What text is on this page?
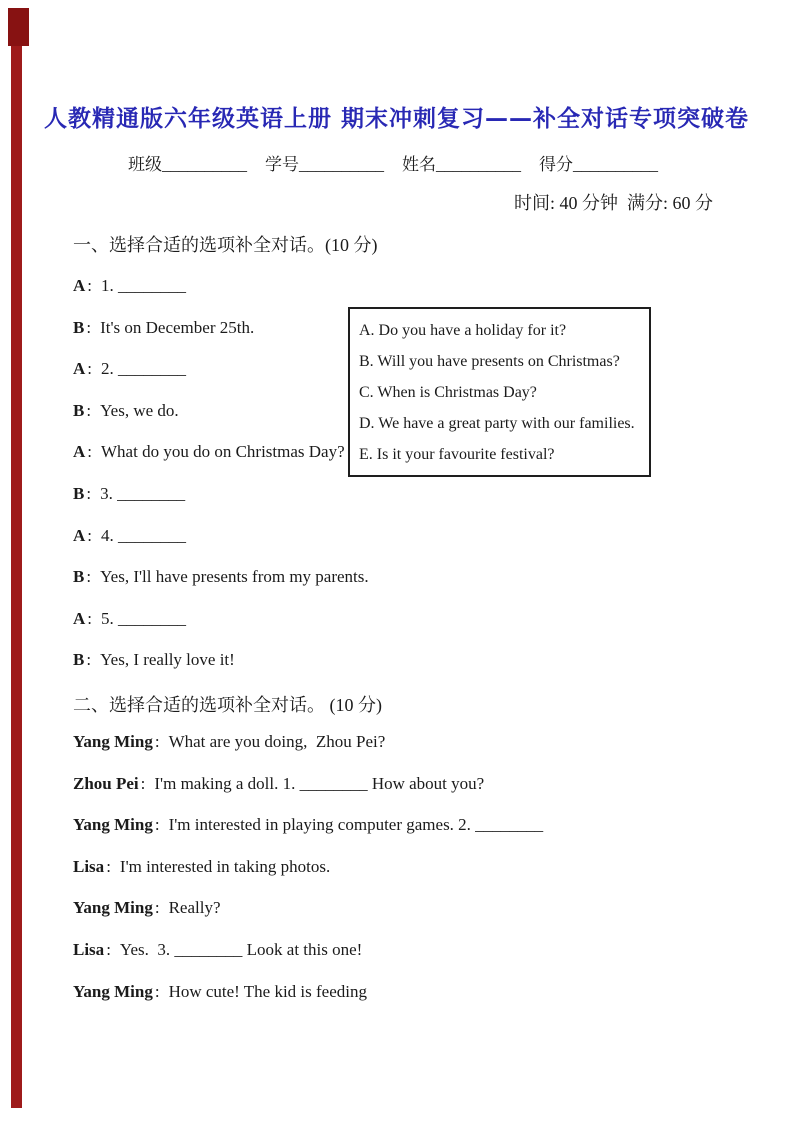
人教精通版六年级英语上册 期末冲刺复习——补全对话专项突破卷
班级__________ 学号__________ 姓名__________ 得分__________
时间: 40 分钟  满分: 60 分
一、选择合适的选项补全对话。(10 分)
A : 1. ________
B : It's on December 25th.
A : 2. ________
B : Yes, we do.
A : What do you do on Christmas Day?
B : 3. ________
A : 4. ________
B : Yes, I'll have presents from my parents.
A : 5. ________
B : Yes, I really love it!
A. Do you have a holiday for it?
B. Will you have presents on Christmas?
C. When is Christmas Day?
D. We have a great party with our families.
E. Is it your favourite festival?
二、选择合适的选项补全对话。 (10 分)
Yang Ming : What are you doing,  Zhou Pei?
Zhou Pei : I'm making a doll. 1. ________ How about you?
Yang Ming : I'm interested in playing computer games. 2. ________
Lisa : I'm interested in taking photos.
Yang Ming : Really?
Lisa : Yes.  3. ________ Look at this one!
Yang Ming : How cute! The kid is feeding
